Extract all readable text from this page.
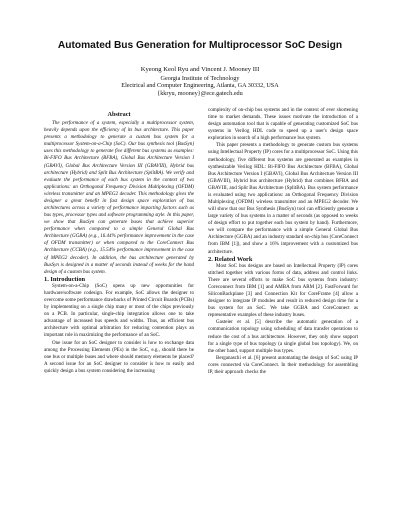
Automated Bus Generation for Multiprocessor SoC Design
Kyeong Keol Ryu and Vincent J. Mooney III
Georgia Institute of Technology
Electrical and Computer Engineering, Atlanta, GA 30332, USA
{kkryu, mooney}@ece.gatech.edu
Abstract

The performance of a system, especially a multiprocessor system, heavily depends upon the efficiency of its bus architecture. This paper presents a methodology to generate a custom bus system for a multiprocessor System-on-a-Chip (SoC). Our bus synthesis tool (BusSyn) uses this methodology to generate five different bus systems as examples: Bi-FIFO Bus Architecture (BFBA), Global Bus Architecture Version I (GBAVI), Global Bus Architecture Version III (GBAVIII), Hybrid bus architecture (Hybrid) and Split Bus Architecture (SplitBA). We verify and evaluate the performance of each bus system in the context of two applications: an Orthogonal Frequency Division Multiplexing (OFDM) wireless transmitter and an MPEG2 decoder. This methodology gives the designer a great benefit in fast design space exploration of bus architectures across a variety of performance impacting factors such as bus types, processor types and software programming style. In this paper, we show that BusSyn can generate buses that achieve superior performance when compared to a simple General Global Bus Architecture (GGBA) (e.g., 16.44% performance improvement in the case of OFDM transmitter) or when compared to the CoreConnect Bus Architecture (CCBA) (e.g., 15.54% performance improvement in the case of MPEG2 decoder). In addition, the bus architecture generated by BusSyn is designed in a matter of seconds instead of weeks for the hand design of a custom bus system.

1. Introduction

System-on-a-Chip (SoC) opens up new opportunities for hardware/software codesign. For example, SoC allows the designer to overcome some performance drawbacks of Printed Circuit Boards (PCBs) by implementing on a single chip many or most of the chips previously on a PCB. In particular, single-chip integration allows one to take advantage of increased bus speeds and widths. Thus, an efficient bus architecture with optimal arbitration for reducing contention plays an important role in maximizing the performance of an SoC.

One issue for an SoC designer to consider is how to exchange data among the Processing Elements (PEs) in the SoC, e.g., should there be one bus or multiple buses and where should memory elements be placed? A second issue for an SoC designer to consider is how to easily and quickly design a bus system considering the increasing

complexity of on-chip bus systems and in the context of ever shortening time to market demands. These issues motivate the introduction of a design automation tool that is capable of generating customized SoC bus systems in Verilog HDL code to speed up a user's design space exploration in search of a high performance bus system.

This paper presents a methodology to generate custom bus systems using Intellectual Property (IP) cores for a multiprocessor SoC. Using this methodology, five different bus systems are generated as examples in synthesizable Verilog HDL: Bi-FIFO Bus Architecture (BFBA), Global Bus Architecture Version I (GBAVI), Global Bus Architecture Version III (GBAVIII), Hybrid bus architecture (Hybrid) that combines BFBA and GBAVIII, and Split Bus Architecture (SplitBA). Bus system performance is evaluated using two applications: an Orthogonal Frequency Division Multiplexing (OFDM) wireless transmitter and an MPEG2 decoder. We will show that our Bus Synthesis (BusSyn) tool can efficiently generate a large variety of bus systems in a matter of seconds (as opposed to weeks of design effort to put together each bus system by hand). Furthermore, we will compare the performance with a simple General Global Bus Architecture (GGBA) and an industry standard on-chip bus (CoreConnect from IBM [1]), and show a 16% improvement with a customized bus architecture.

2. Related Work

Most SoC bus designs are based on Intellectual Property (IP) cores stitched together with various forms of data, address and control links. There are several efforts to make SoC bus systems from industry: Coreconnect from IBM [1] and AMBA from ARM [2]. FastForward for SiliconBackplane [3] and Connection Kit for CoreFrame [4] allow a designer to integrate IP modules and result in reduced design time for a bus system for an SoC. We take GGBA and CoreConnect as representative examples of these industry buses.

Gasteier et al. [5] describe the automatic generation of a communication topology using scheduling of data transfer operations to reduce the cost of a bus architecture. However, they only show support for a single type of bus topology (a single global bus topology). We, on the other hand, support multiple bus types.

Berganaschi et al. [6] present automating the design of SoC using IP cores connected via CoreConnect. In their methodology for assembling IP, their approach checks the
